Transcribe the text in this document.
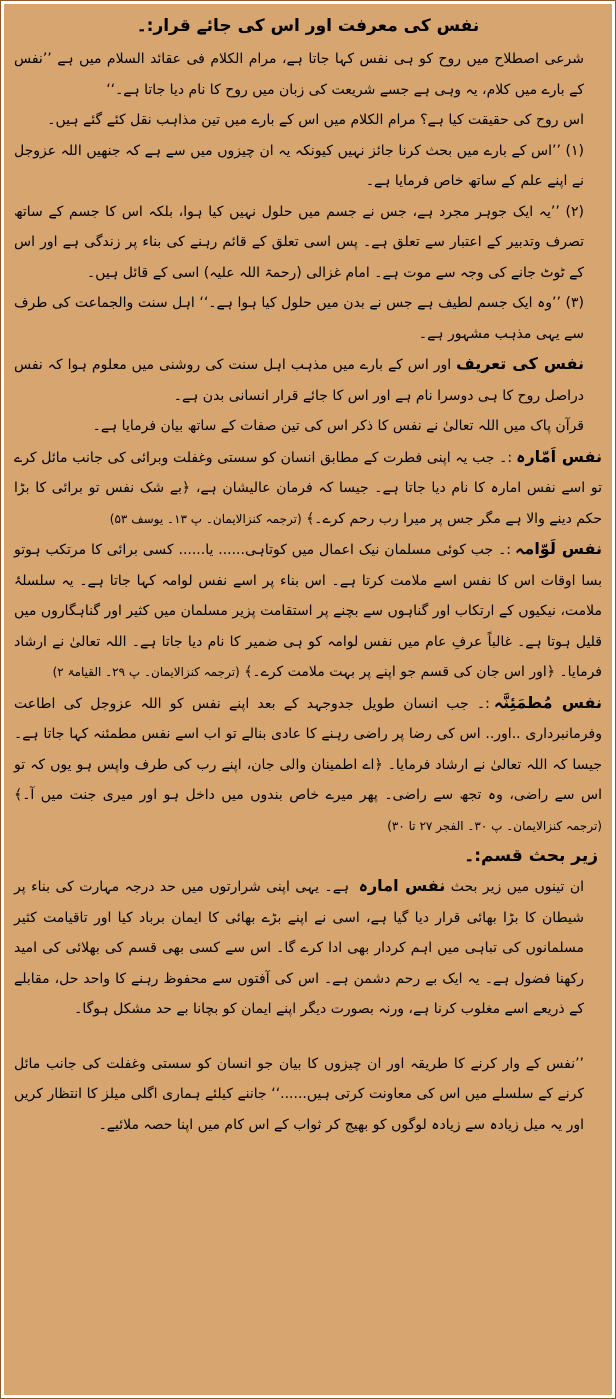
نفس کی معرفت اور اس کی جائے قرار:۔

شرعی اصطلاح میں روح کو ہی نفس کہا جاتا ہے، مرام الکلام فی عقائد السلام میں ہے ’’نفس کے بارے میں کلام، یہ وہی ہے جسے شریعت کی زبان میں روح کا نام دیا جاتا ہے۔‘‘

اس روح کی حقیقت کیا ہے؟ مرام الکلام میں اس کے بارے میں تین مذاہب نقل کئے گئے ہیں۔

(۱) ’’اس کے بارے میں بحث کرنا جائز نہیں کیونکہ یہ ان چیزوں میں سے ہے کہ جنھیں اللہ عزوجل نے اپنے علم کے ساتھ خاص فرمایا ہے۔

(۲) ’’یہ ایک جوہر مجرد ہے، جس نے جسم میں حلول نہیں کیا ہوا، بلکہ اس کا جسم کے ساتھ تصرف وتدبیر کے اعتبار سے تعلق ہے۔ پس اسی تعلق کے قائم رہنے کی بناء پر زندگی ہے اور اس کے ٹوٹ جانے کی وجہ سے موت ہے۔ امام غزالی (رحمۃ اللہ علیہ) اسی کے قائل ہیں۔

(۳) ’’وہ ایک جسم لطیف ہے جس نے بدن میں حلول کیا ہوا ہے۔‘‘ اہل سنت والجماعت کی طرف سے یہی مذہب مشہور ہے۔

نفس کی تعریف اور اس کے بارے میں مذہب اہل سنت کی روشنی میں معلوم ہوا کہ نفس دراصل روح کا ہی دوسرا نام ہے اور اس کا جائے قرار انسانی بدن ہے۔

قرآن پاک میں اللہ تعالیٰ نے نفس کا ذکر اس کی تین صفات کے ساتھ بیان فرمایا ہے۔

نفس اَمّارہ:۔ جب یہ اپنی فطرت کے مطابق انسان کو سستی وغفلت وبرائی کی جانب مائل کرے تو اسے نفس امارہ کا نام دیا جاتا ہے۔ جیسا کہ فرمان عالیشان ہے، ﴿بے شک نفس تو برائی کا بڑا حکم دینے والا ہے مگر جس پر میرا رب رحم کرے۔﴾ (ترجمہ کنزالایمان۔ پ ۱۳۔ یوسف ۵۳)

نفس لَوّامہ:۔ جب کوئی مسلمان نیک اعمال میں کوتاہی...... یا...... کسی برائی کا مرتکب ہوتو بسا اوقات اس کا نفس اسے ملامت کرتا ہے۔ اس بناء پر اسے نفس لوامہ کہا جاتا ہے۔ یہ سلسلۂ ملامت، نیکیوں کے ارتکاب اور گناہوں سے بچنے پر استقامت پزیر مسلمان میں کثیر اور گناہگاروں میں قلیل ہوتا ہے۔ غالباً عرفِ عام میں نفس لوامہ کو ہی ضمیر کا نام دیا جاتا ہے۔ اللہ تعالیٰ نے ارشاد فرمایا۔ ﴿اور اس جان کی قسم جو اپنے پر بہت ملامت کرے۔﴾ (ترجمہ کنزالایمان۔ پ ۲۹۔ القیامۃ ۲)

نفس مُطمَئِنَّہ:۔ جب انسان طویل جدوجہد کے بعد اپنے نفس کو اللہ عزوجل کی اطاعت وفرمانبرداری ..اور.. اس کی رضا پر راضی رہنے کا عادی بنالے تو اب اسے نفس مطمئنہ کہا جاتا ہے۔ جیسا کہ اللہ تعالیٰ نے ارشاد فرمایا۔ ﴿اے اطمینان والی جان، اپنے رب کی طرف واپس ہو یوں کہ تو اس سے راضی، وہ تجھ سے راضی۔ پھر میرے خاص بندوں میں داخل ہو اور میری جنت میں آ۔﴾ (ترجمہ کنزالایمان۔ پ ۳۰۔ الفجر ۲۷ تا ۳۰)

زیر بحث قسم:۔

ان تینوں میں زیر بحث نفس امارہ ہے۔ یہی اپنی شرارتوں میں حد درجہ مہارت کی بناء پر شیطان کا بڑا بھائی قرار دیا گیا ہے، اسی نے اپنے بڑے بھائی کا ایمان برباد کیا اور تاقیامت کثیر مسلمانوں کی تباہی میں اہم کردار بھی ادا کرے گا۔ اس سے کسی بھی قسم کی بھلائی کی امید رکھنا فضول ہے۔ یہ ایک بے رحم دشمن ہے۔ اس کی آفتوں سے محفوظ رہنے کا واحد حل، مقابلے کے ذریعے اسے مغلوب کرنا ہے، ورنہ بصورت دیگر اپنے ایمان کو بچانا بے حد مشکل ہوگا۔

’’نفس کے وار کرنے کا طریقہ اور ان چیزوں کا بیان جو انسان کو سستی وغفلت کی جانب مائل کرنے کے سلسلے میں اس کی معاونت کرتی ہیں......‘‘ جاننے کیلئے ہماری اگلی میلز کا انتظار کریں اور یہ میل زیادہ سے زیادہ لوگوں کو بھیج کر ثواب کے اس کام میں اپنا حصہ ملائیے۔
